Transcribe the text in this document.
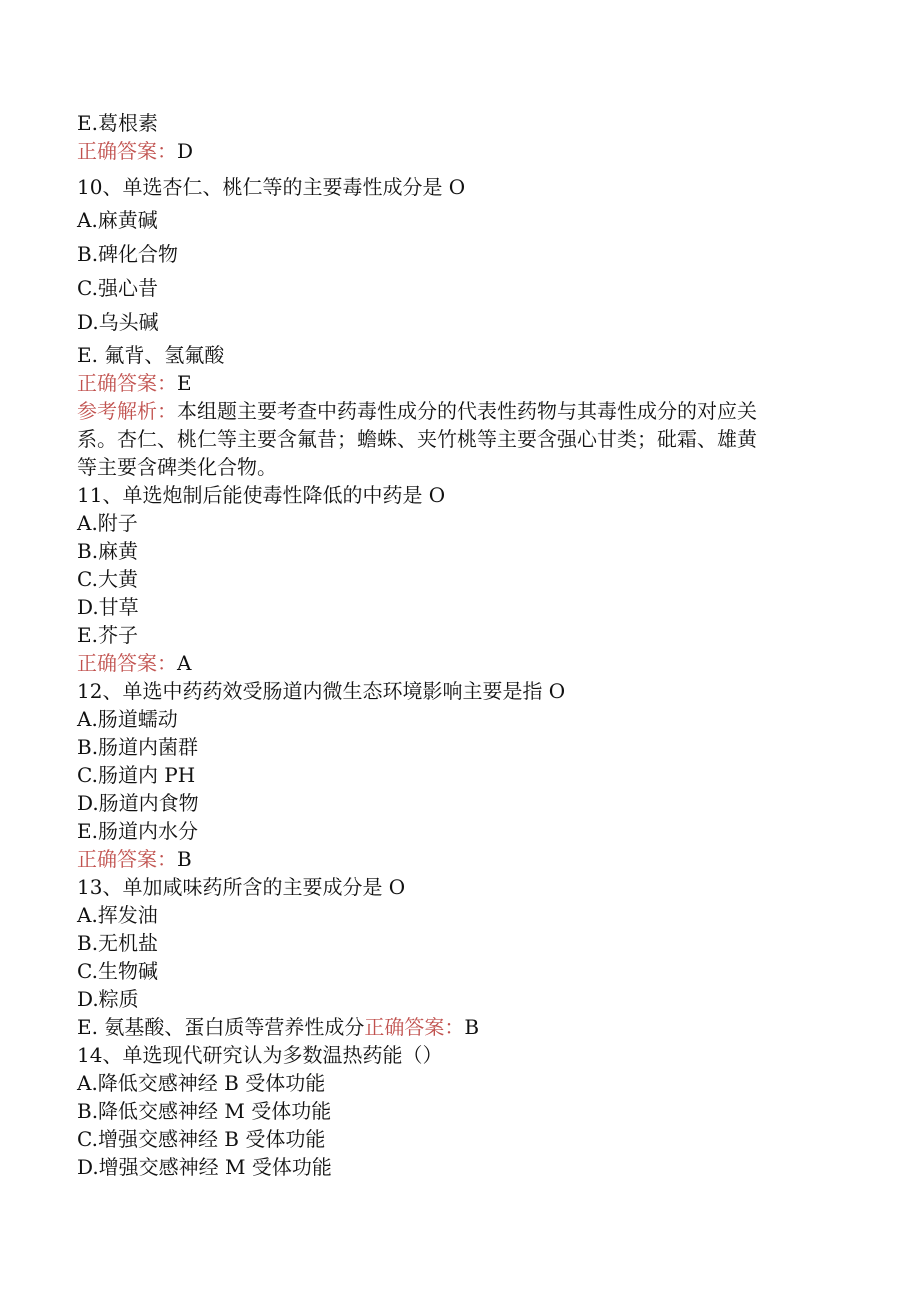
E.葛根素
正确答案：D
10、单选杏仁、桃仁等的主要毒性成分是 O
A.麻黄碱
B.碑化合物
C.强心昔
D.乌头碱
E. 氟背、氢氟酸
正确答案：E
参考解析：本组题主要考查中药毒性成分的代表性药物与其毒性成分的对应关
系。杏仁、桃仁等主要含氟昔；蟾蛛、夹竹桃等主要含强心甘类；砒霜、雄黄
等主要含碑类化合物。
11、单选炮制后能使毒性降低的中药是 O
A.附子
B.麻黄
C.大黄
D.甘草
E.芥子
正确答案：A
12、单选中药药效受肠道内微生态环境影响主要是指 O
A.肠道蠕动
B.肠道内菌群
C.肠道内 PH
D.肠道内食物
E.肠道内水分
正确答案：B
13、单加咸味药所含的主要成分是 O
A.挥发油
B.无机盐
C.生物碱
D.粽质
E. 氨基酸、蛋白质等营养性成分正确答案：B
14、单选现代研究认为多数温热药能（）
A.降低交感神经 B 受体功能
B.降低交感神经 M 受体功能
C.增强交感神经 B 受体功能
D.增强交感神经 M 受体功能
